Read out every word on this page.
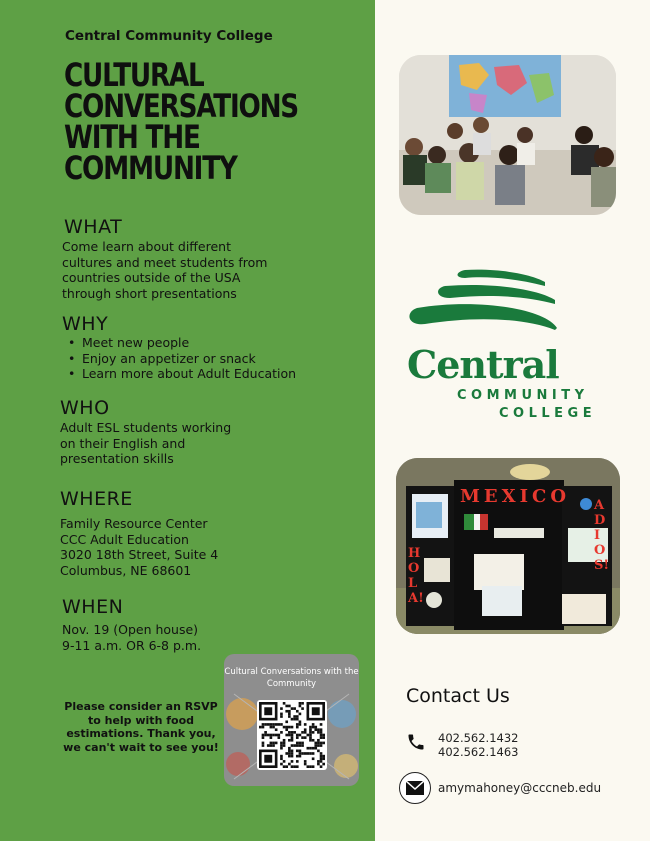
Central Community College
CULTURAL
CONVERSATIONS
WITH THE
COMMUNITY
WHAT
Come learn about different
cultures and meet students from
countries outside of the USA
through short presentations
WHY
• Meet new people
• Enjoy an appetizer or snack
• Learn more about Adult Education
WHO
Adult ESL students working
on their English and
presentation skills
WHERE
Family Resource Center
CCC Adult Education
3020 18th Street, Suite 4
Columbus, NE 68601
WHEN
Nov. 19 (Open house)
9-11 a.m. OR 6-8 p.m.
Please consider an RSVP
to help with food
estimations. Thank you,
we can't wait to see you!
Cultural Conversations with the
Community
Central
COMMUNITY
COLLEGE
MEXICO
HOLA!
ADIOS!
Contact Us
402.562.1432
402.562.1463
amymahoney@cccneb.edu
